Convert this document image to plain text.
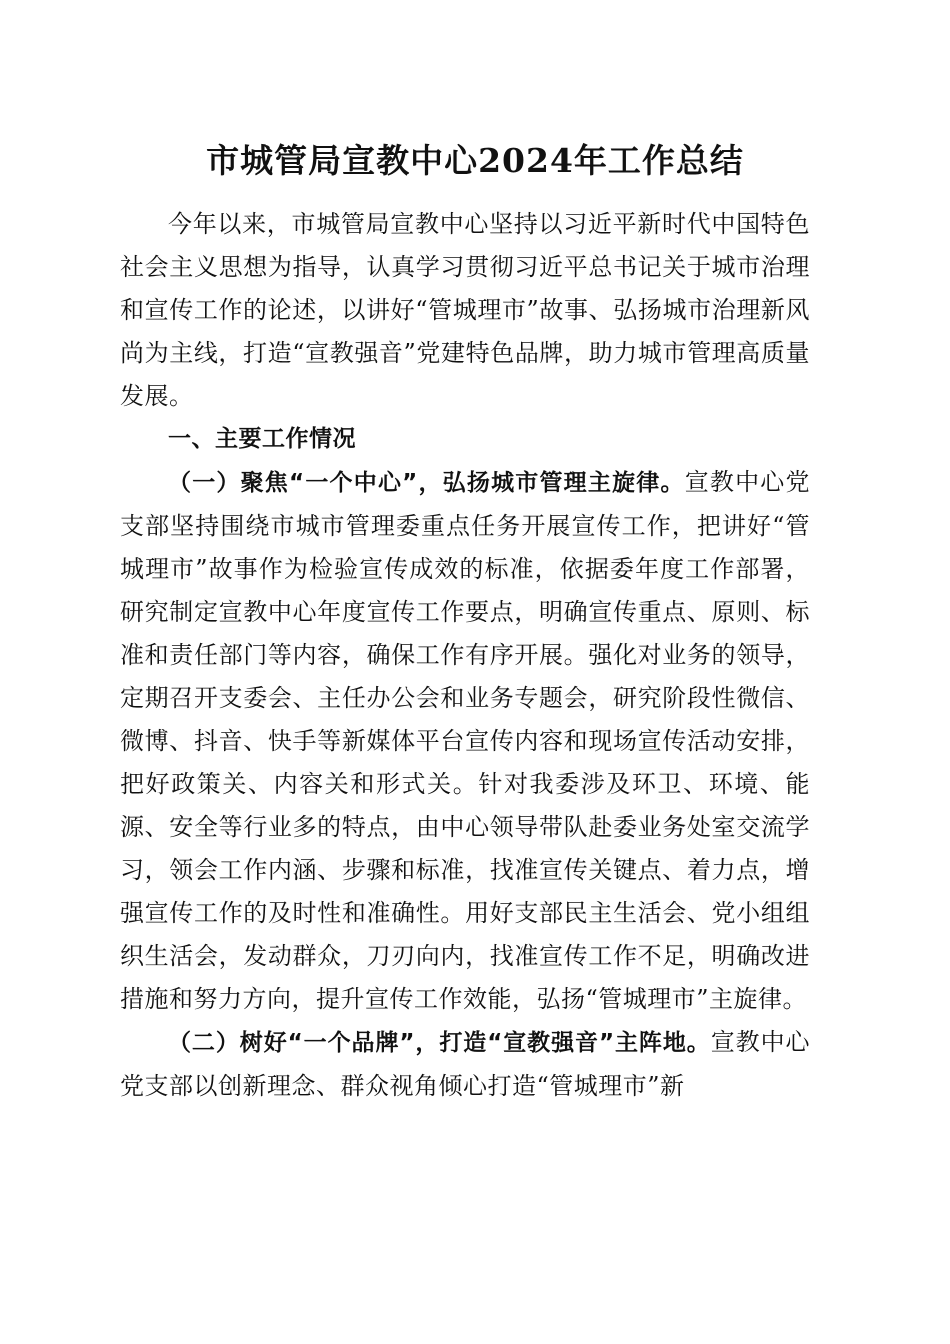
市城管局宣教中心2024年工作总结

今年以来，市城管局宣教中心坚持以习近平新时代中国特色社会主义思想为指导，认真学习贯彻习近平总书记关于城市治理和宣传工作的论述，以讲好“管城理市”故事、弘扬城市治理新风尚为主线，打造“宣教强音”党建特色品牌，助力城市管理高质量发展。

一、主要工作情况

（一）聚焦“一个中心”，弘扬城市管理主旋律。宣教中心党支部坚持围绕市城市管理委重点任务开展宣传工作，把讲好“管城理市”故事作为检验宣传成效的标准，依据委年度工作部署，研究制定宣教中心年度宣传工作要点，明确宣传重点、原则、标准和责任部门等内容，确保工作有序开展。强化对业务的领导，定期召开支委会、主任办公会和业务专题会，研究阶段性微信、微博、抖音、快手等新媒体平台宣传内容和现场宣传活动安排，把好政策关、内容关和形式关。针对我委涉及环卫、环境、能源、安全等行业多的特点，由中心领导带队赴委业务处室交流学习，领会工作内涵、步骤和标准，找准宣传关键点、着力点，增强宣传工作的及时性和准确性。用好支部民主生活会、党小组组织生活会，发动群众，刀刃向内，找准宣传工作不足，明确改进措施和努力方向，提升宣传工作效能，弘扬“管城理市”主旋律。

（二）树好“一个品牌”，打造“宣教强音”主阵地。宣教中心党支部以创新理念、群众视角倾心打造“管城理市”新
